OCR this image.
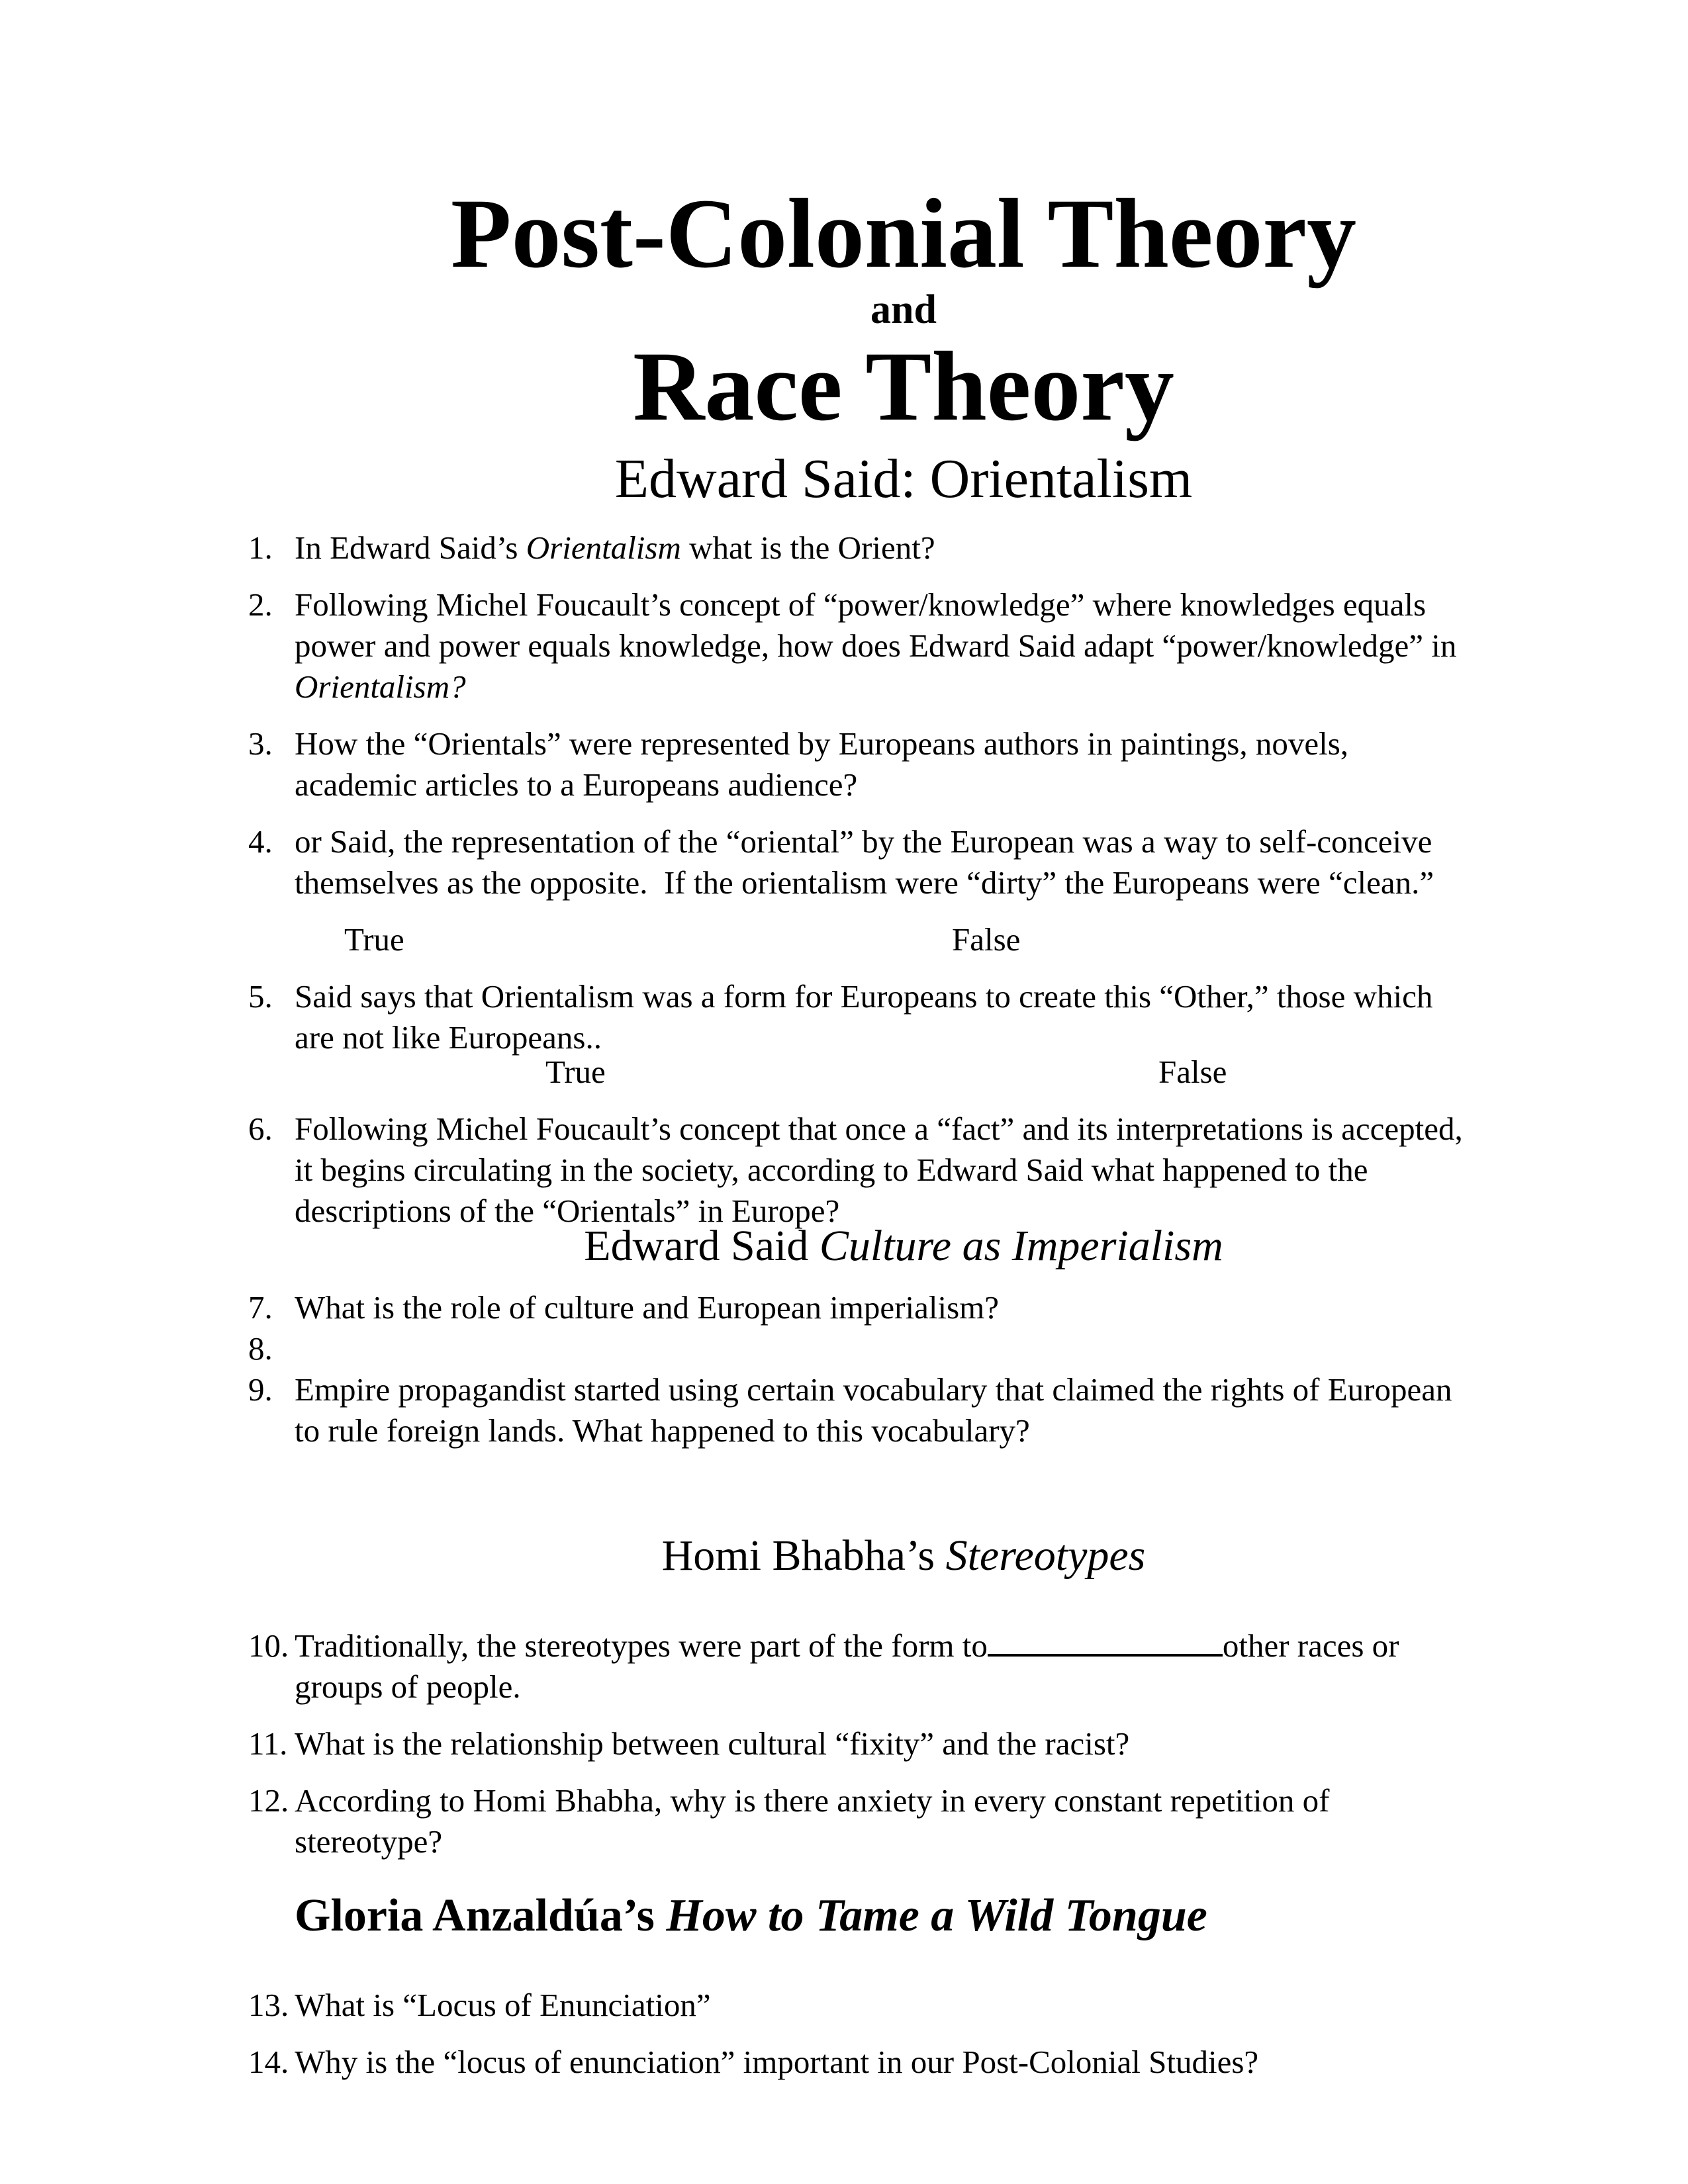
Post-Colonial Theory
and
Race Theory
Edward Said: Orientalism
1. In Edward Said’s Orientalism what is the Orient?
2. Following Michel Foucault’s concept of “power/knowledge” where knowledges equals power and power equals knowledge, how does Edward Said adapt “power/knowledge” in Orientalism?
3. How the “Orientals” were represented by Europeans authors in paintings, novels, academic articles to a Europeans audience?
4. or Said, the representation of the “oriental” by the European was a way to self-conceive themselves as the opposite.  If the orientalism were “dirty” the Europeans were “clean.”
True	False
5. Said says that Orientalism was a form for Europeans to create this “Other,” those which are not like Europeans..
True	False
6. Following Michel Foucault’s concept that once a “fact” and its interpretations is accepted, it begins circulating in the society, according to Edward Said what happened to the descriptions of the “Orientals” in Europe?
Edward Said Culture as Imperialism
7. What is the role of culture and European imperialism?
8.
9. Empire propagandist started using certain vocabulary that claimed the rights of European to rule foreign lands. What happened to this vocabulary?
Homi Bhabha’s Stereotypes
10. Traditionally, the stereotypes were part of the form to	other races or groups of people.
11. What is the relationship between cultural “fixity” and the racist?
12. According to Homi Bhabha, why is there anxiety in every constant repetition of stereotype?
Gloria Anzaldúa’s How to Tame a Wild Tongue
13. What is “Locus of Enunciation”
14. Why is the “locus of enunciation” important in our Post-Colonial Studies?
